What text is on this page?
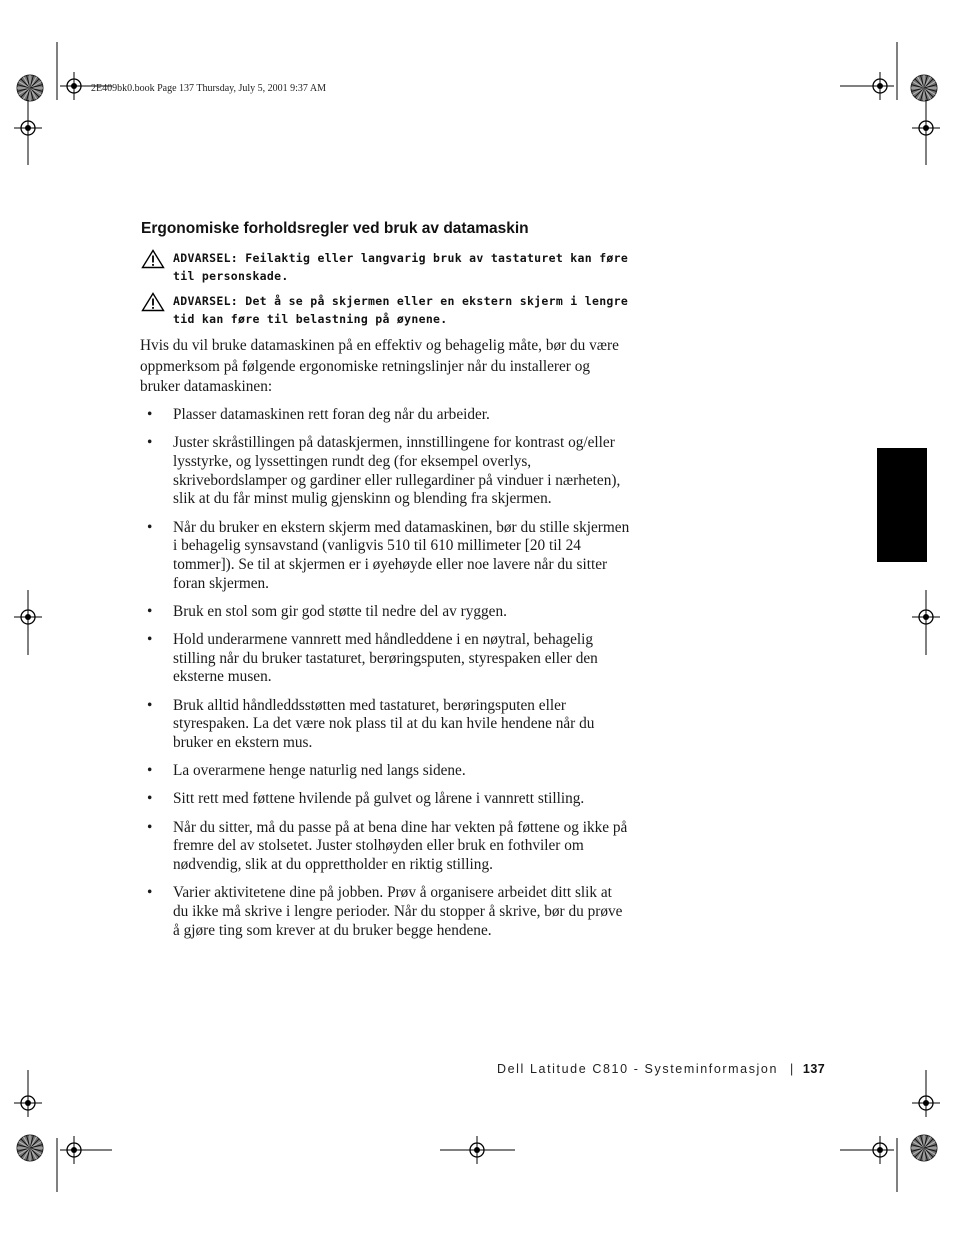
2E409bk0.book Page 137 Thursday, July 5, 2001 9:37 AM
Ergonomiske forholdsregler ved bruk av datamaskin
ADVARSEL: Feilaktig eller langvarig bruk av tastaturet kan føre
til personskade.
ADVARSEL: Det å se på skjermen eller en ekstern skjerm i lengre
tid kan føre til belastning på øynene.
Hvis du vil bruke datamaskinen på en effektiv og behagelig måte, bør du være oppmerksom på følgende ergonomiske retningslinjer når du installerer og bruker datamaskinen:
• Plasser datamaskinen rett foran deg når du arbeider.
• Juster skråstillingen på dataskjermen, innstillingene for kontrast og/eller lysstyrke, og lyssettingen rundt deg (for eksempel overlys, skrivebordslamper og gardiner eller rullegardiner på vinduer i nærheten), slik at du får minst mulig gjenskinn og blending fra skjermen.
• Når du bruker en ekstern skjerm med datamaskinen, bør du stille skjermen i behagelig synsavstand (vanligvis 510 til 610 millimeter [20 til 24 tommer]). Se til at skjermen er i øyehøyde eller noe lavere når du sitter foran skjermen.
• Bruk en stol som gir god støtte til nedre del av ryggen.
• Hold underarmene vannrett med håndleddene i en nøytral, behagelig stilling når du bruker tastaturet, berøringsputen, styrespaken eller den eksterne musen.
• Bruk alltid håndleddsstøtten med tastaturet, berøringsputen eller styrespaken. La det være nok plass til at du kan hvile hendene når du bruker en ekstern mus.
• La overarmene henge naturlig ned langs sidene.
• Sitt rett med føttene hvilende på gulvet og lårene i vannrett stilling.
• Når du sitter, må du passe på at bena dine har vekten på føttene og ikke på fremre del av stolsetet. Juster stolhøyden eller bruk en fothviler om nødvendig, slik at du opprettholder en riktig stilling.
• Varier aktivitetene dine på jobben. Prøv å organisere arbeidet ditt slik at du ikke må skrive i lengre perioder. Når du stopper å skrive, bør du prøve å gjøre ting som krever at du bruker begge hendene.
Dell Latitude C810 - Systeminformasjon | 137
